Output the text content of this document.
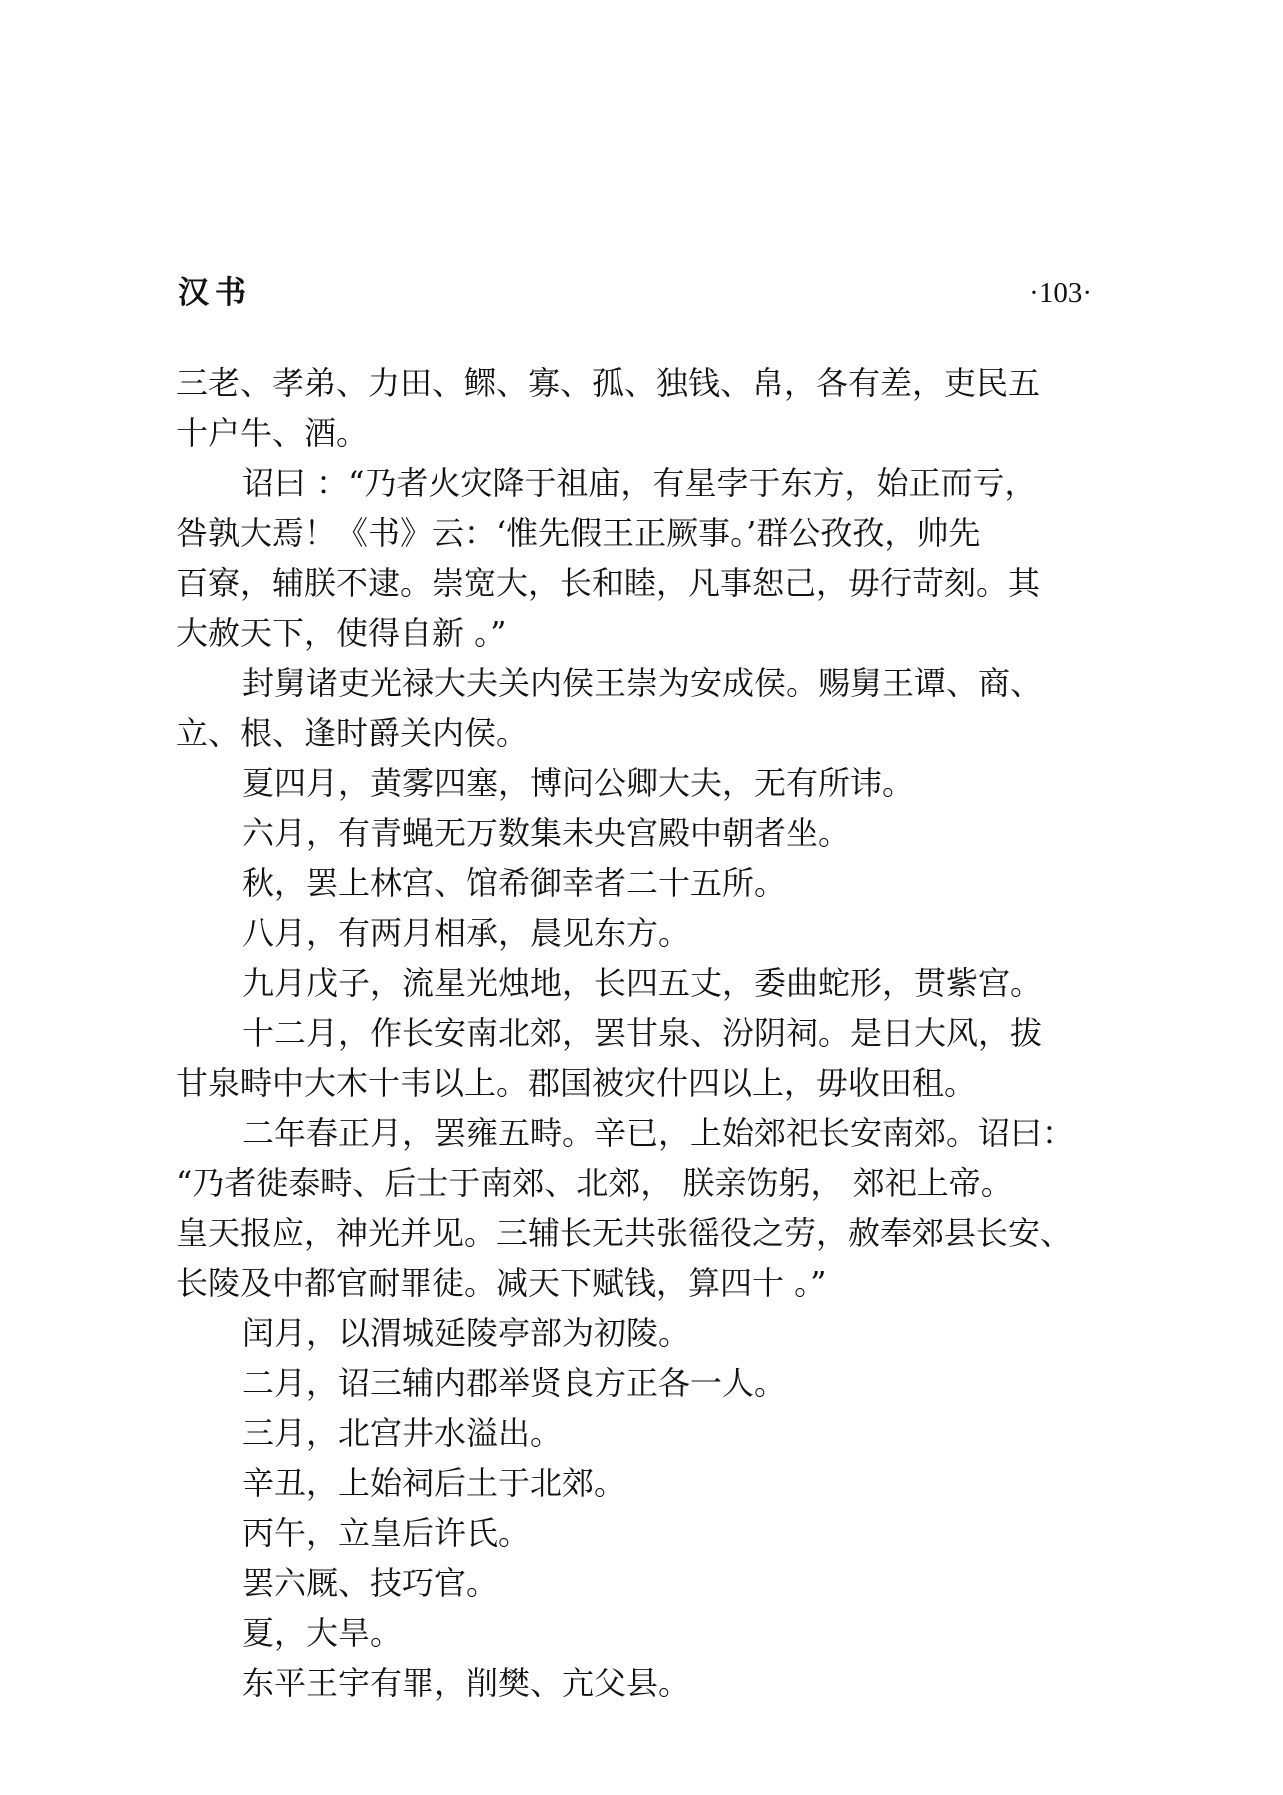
汉书	·103·

三老、孝弟、力田、鳏、寡、孤、独钱、帛，各有差，吏民五

十户牛、酒。

诏曰 ：“乃者火灾降于祖庙，有星孛于东方，始正而亏，

咎孰大焉！《书》云：‘惟先假王正厥事。’群公孜孜，帅先

百寮，辅朕不逮。崇宽大，长和睦，凡事恕己，毋行苛刻。其

大赦天下，使得自新 。”

封舅诸吏光禄大夫关内侯王崇为安成侯。赐舅王谭、商、

立、根、逢时爵关内侯。

夏四月，黄雾四塞，博问公卿大夫，无有所讳。

六月，有青蝇无万数集未央宫殿中朝者坐。

秋，罢上林宫、馆希御幸者二十五所。

八月，有两月相承，晨见东方。

九月戊子，流星光烛地，长四五丈，委曲蛇形，贯紫宫。

十二月，作长安南北郊，罢甘泉、汾阴祠。是日大风，拔

甘泉畤中大木十韦以上。郡国被灾什四以上，毋收田租。

二年春正月，罢雍五畤。辛已，上始郊祀长安南郊。诏曰：

“乃者徙泰畤、后士于南郊、北郊， 朕亲饬躬， 郊祀上帝。

皇天报应，神光并见。三辅长无共张徭役之劳，赦奉郊县长安、

长陵及中都官耐罪徒。减天下赋钱，算四十 。”

闰月，以渭城延陵亭部为初陵。

二月，诏三辅内郡举贤良方正各一人。

三月，北宫井水溢出。

辛丑，上始祠后土于北郊。

丙午，立皇后许氏。

罢六厩、技巧官。

夏，大旱。

东平王宇有罪，削樊、亢父县。
